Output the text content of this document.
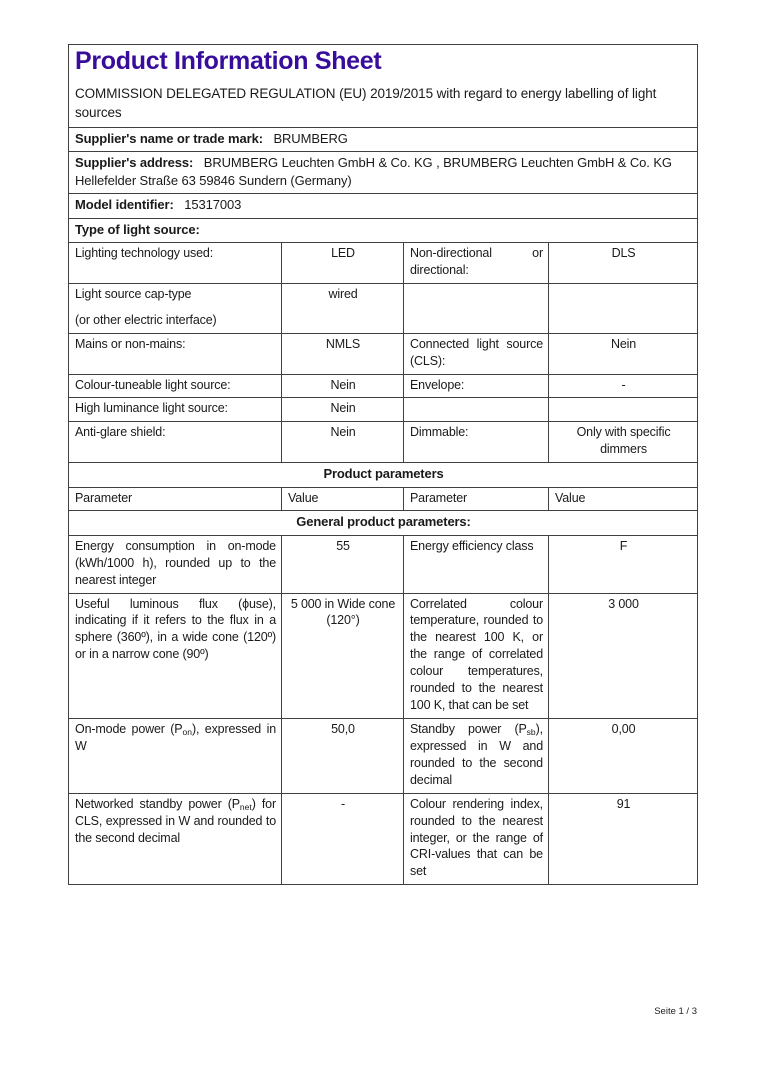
Product Information Sheet
COMMISSION DELEGATED REGULATION (EU) 2019/2015 with regard to energy labelling of light sources			

Supplier's name or trade mark: BRUMBERG			
Supplier's address: BRUMBERG Leuchten GmbH & Co. KG , BRUMBERG Leuchten GmbH & Co. KG Hellefelder Straße 63 59846 Sundern (Germany)			
Model identifier: 15317003			
Type of light source:			
Lighting technology used:	LED	Non-directional or directional:	DLS

Light source cap-type
(or other electric interface)	wired		
Mains or non-mains:	NMLS	Connected light source (CLS):	Nein
Colour-tuneable light source:	Nein	Envelope:	-
High luminance light source:	Nein		
Anti-glare shield:	Nein	Dimmable:	Only with specific dimmers
Product parameters			
Parameter	Value	Parameter	Value
General product parameters:			
Energy consumption in on-mode (kWh/1000 h), rounded up to the nearest integer	55	Energy efficiency class	F
Useful luminous flux (ϕuse), indicating if it refers to the flux in a sphere (360º), in a wide cone (120º) or in a narrow cone (90º)	5 000 in Wide cone (120°)	Correlated colour temperature, rounded to the nearest 100 K, or the range of correlated colour temperatures, rounded to the nearest 100 K, that can be set	3 000
On-mode power $(P_{on})$, expressed in W	50,0	Standby power $(P_{sb})$, expressed in W and rounded to the second decimal	0,00
Networked standby power $(P_{net})$ for CLS, expressed in W and rounded to the second decimal	-	Colour rendering index, rounded to the nearest integer, or the range of CRI-values that can be set	91
Seite 1 / 3
